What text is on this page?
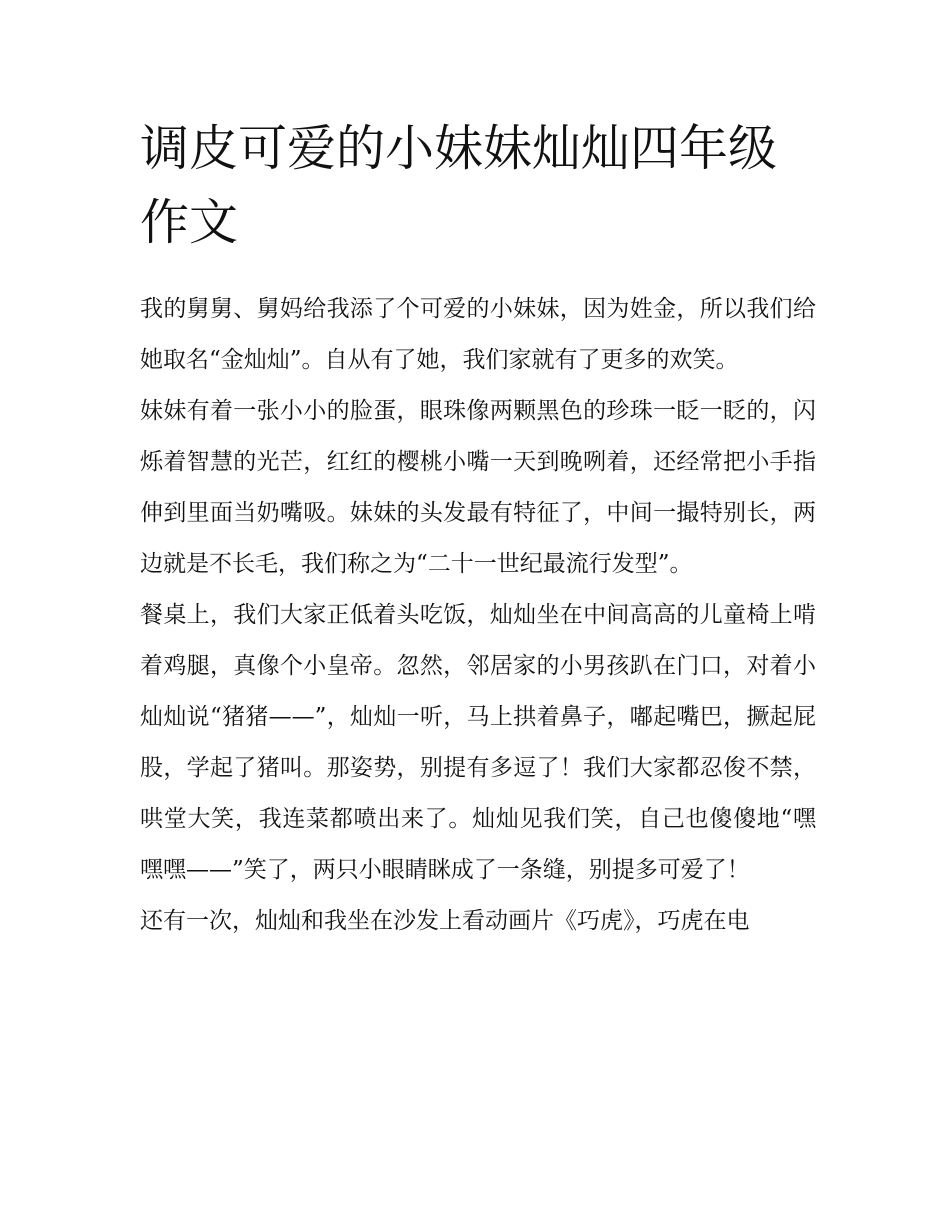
调皮可爱的小妹妹灿灿四年级作文

我的舅舅、舅妈给我添了个可爱的小妹妹，因为姓金，所以我们给她取名“金灿灿”。自从有了她，我们家就有了更多的欢笑。

妹妹有着一张小小的脸蛋，眼珠像两颗黑色的珍珠一眨一眨的，闪烁着智慧的光芒，红红的樱桃小嘴一天到晚咧着，还经常把小手指伸到里面当奶嘴吸。妹妹的头发最有特征了，中间一撮特别长，两边就是不长毛，我们称之为“二十一世纪最流行发型”。

餐桌上，我们大家正低着头吃饭，灿灿坐在中间高高的儿童椅上啃着鸡腿，真像个小皇帝。忽然，邻居家的小男孩趴在门口，对着小灿灿说“猪猪——”，灿灿一听，马上拱着鼻子，嘟起嘴巴，撅起屁股，学起了猪叫。那姿势，别提有多逗了！我们大家都忍俊不禁，哄堂大笑，我连菜都喷出来了。灿灿见我们笑，自己也傻傻地“嘿嘿嘿——”笑了，两只小眼睛眯成了一条缝，别提多可爱了！

还有一次，灿灿和我坐在沙发上看动画片《巧虎》，巧虎在电
